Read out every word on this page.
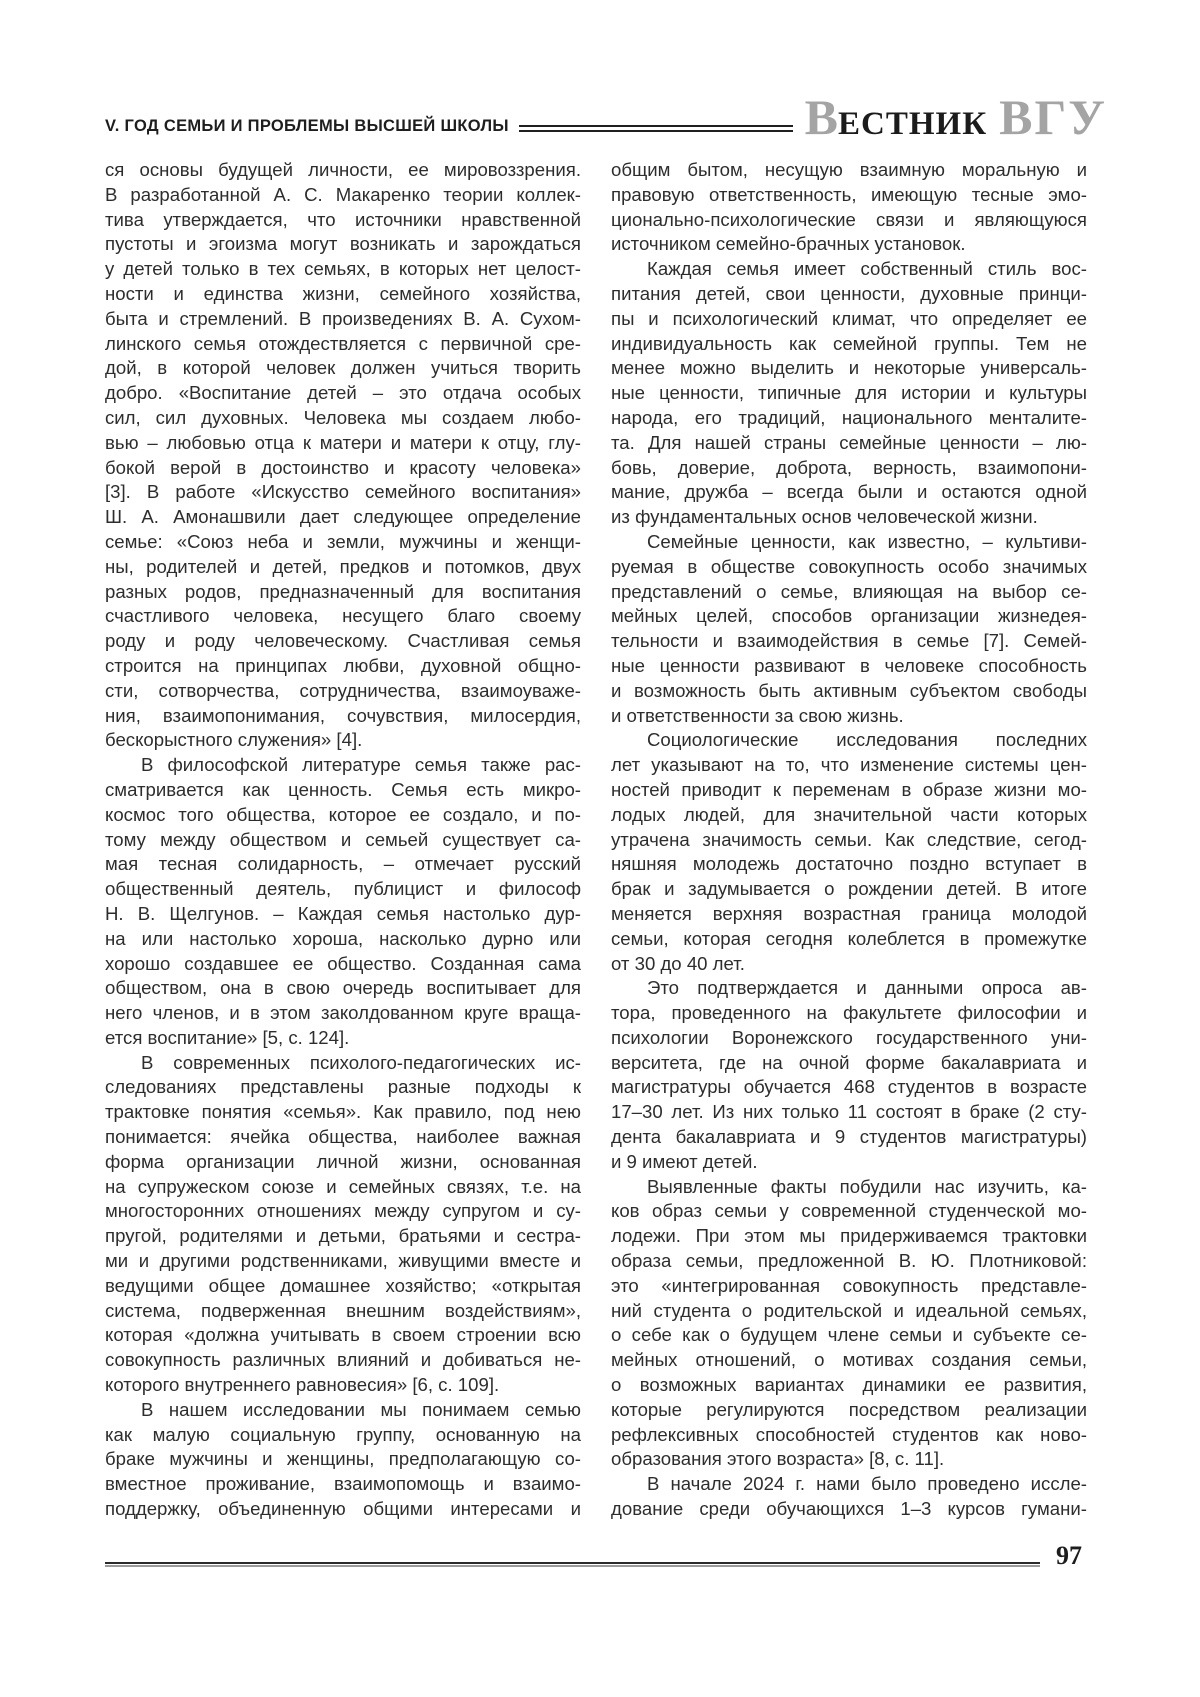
V. ГОД СЕМЬИ И ПРОБЛЕМЫ ВЫСШЕЙ ШКОЛЫ	ВЕСТНИК ВГУ
ся основы будущей личности, ее мировоззрения.
В разработанной А. С. Макаренко теории коллек-
тива утверждается, что источники нравственной
пустоты и эгоизма могут возникать и зарождаться
у детей только в тех семьях, в которых нет целост-
ности и единства жизни, семейного хозяйства,
быта и стремлений. В произведениях В. А. Сухом-
линского семья отождествляется с первичной сре-
дой, в которой человек должен учиться творить
добро. «Воспитание детей – это отдача особых
сил, сил духовных. Человека мы создаем любо-
вью – любовью отца к матери и матери к отцу, глу-
бокой верой в достоинство и красоту человека»
[3]. В работе «Искусство семейного воспитания»
Ш. А. Амонашвили дает следующее определение
семье: «Союз неба и земли, мужчины и женщи-
ны, родителей и детей, предков и потомков, двух
разных родов, предназначенный для воспитания
счастливого человека, несущего благо своему
роду и роду человеческому. Счастливая семья
строится на принципах любви, духовной общно-
сти, сотворчества, сотрудничества, взаимоуваже-
ния, взаимопонимания, сочувствия, милосердия,
бескорыстного служения» [4].
В философской литературе семья также рас-
сматривается как ценность. Семья есть микро-
космос того общества, которое ее создало, и по-
тому между обществом и семьей существует са-
мая тесная солидарность, – отмечает русский
общественный деятель, публицист и философ
Н. В. Щелгунов. – Каждая семья настолько дур-
на или настолько хороша, насколько дурно или
хорошо создавшее ее общество. Созданная сама
обществом, она в свою очередь воспитывает для
него членов, и в этом заколдованном круге враща-
ется воспитание» [5, с. 124].
В современных психолого-педагогических ис-
следованиях представлены разные подходы к
трактовке понятия «семья». Как правило, под нею
понимается: ячейка общества, наиболее важная
форма организации личной жизни, основанная
на супружеском союзе и семейных связях, т.е. на
многосторонних отношениях между супругом и су-
пругой, родителями и детьми, братьями и сестра-
ми и другими родственниками, живущими вместе и
ведущими общее домашнее хозяйство; «открытая
система, подверженная внешним воздействиям»,
которая «должна учитывать в своем строении всю
совокупность различных влияний и добиваться не-
которого внутреннего равновесия» [6, с. 109].
В нашем исследовании мы понимаем семью
как малую социальную группу, основанную на
браке мужчины и женщины, предполагающую со-
вместное проживание, взаимопомощь и взаимо-
поддержку, объединенную общими интересами и
общим бытом, несущую взаимную моральную и
правовую ответственность, имеющую тесные эмо-
ционально-психологические связи и являющуюся
источником семейно-брачных установок.
Каждая семья имеет собственный стиль вос-
питания детей, свои ценности, духовные принци-
пы и психологический климат, что определяет ее
индивидуальность как семейной группы. Тем не
менее можно выделить и некоторые универсаль-
ные ценности, типичные для истории и культуры
народа, его традиций, национального менталите-
та. Для нашей страны семейные ценности – лю-
бовь, доверие, доброта, верность, взаимопони-
мание, дружба – всегда были и остаются одной
из фундаментальных основ человеческой жизни.
Семейные ценности, как известно, – культиви-
руемая в обществе совокупность особо значимых
представлений о семье, влияющая на выбор се-
мейных целей, способов организации жизнедея-
тельности и взаимодействия в семье [7]. Семей-
ные ценности развивают в человеке способность
и возможность быть активным субъектом свободы
и ответственности за свою жизнь.
Социологические исследования последних
лет указывают на то, что изменение системы цен-
ностей приводит к переменам в образе жизни мо-
лодых людей, для значительной части которых
утрачена значимость семьи. Как следствие, сегод-
няшняя молодежь достаточно поздно вступает в
брак и задумывается о рождении детей. В итоге
меняется верхняя возрастная граница молодой
семьи, которая сегодня колеблется в промежутке
от 30 до 40 лет.
Это подтверждается и данными опроса ав-
тора, проведенного на факультете философии и
психологии Воронежского государственного уни-
верситета, где на очной форме бакалавриата и
магистратуры обучается 468 студентов в возрасте
17–30 лет. Из них только 11 состоят в браке (2 сту-
дента бакалавриата и 9 студентов магистратуры)
и 9 имеют детей.
Выявленные факты побудили нас изучить, ка-
ков образ семьи у современной студенческой мо-
лодежи. При этом мы придерживаемся трактовки
образа семьи, предложенной В. Ю. Плотниковой:
это «интегрированная совокупность представле-
ний студента о родительской и идеальной семьях,
о себе как о будущем члене семьи и субъекте се-
мейных отношений, о мотивах создания семьи,
о возможных вариантах динамики ее развития,
которые регулируются посредством реализации
рефлексивных способностей студентов как ново-
образования этого возраста» [8, с. 11].
В начале 2024 г. нами было проведено иссле-
дование среди обучающихся 1–3 курсов гумани-
97
